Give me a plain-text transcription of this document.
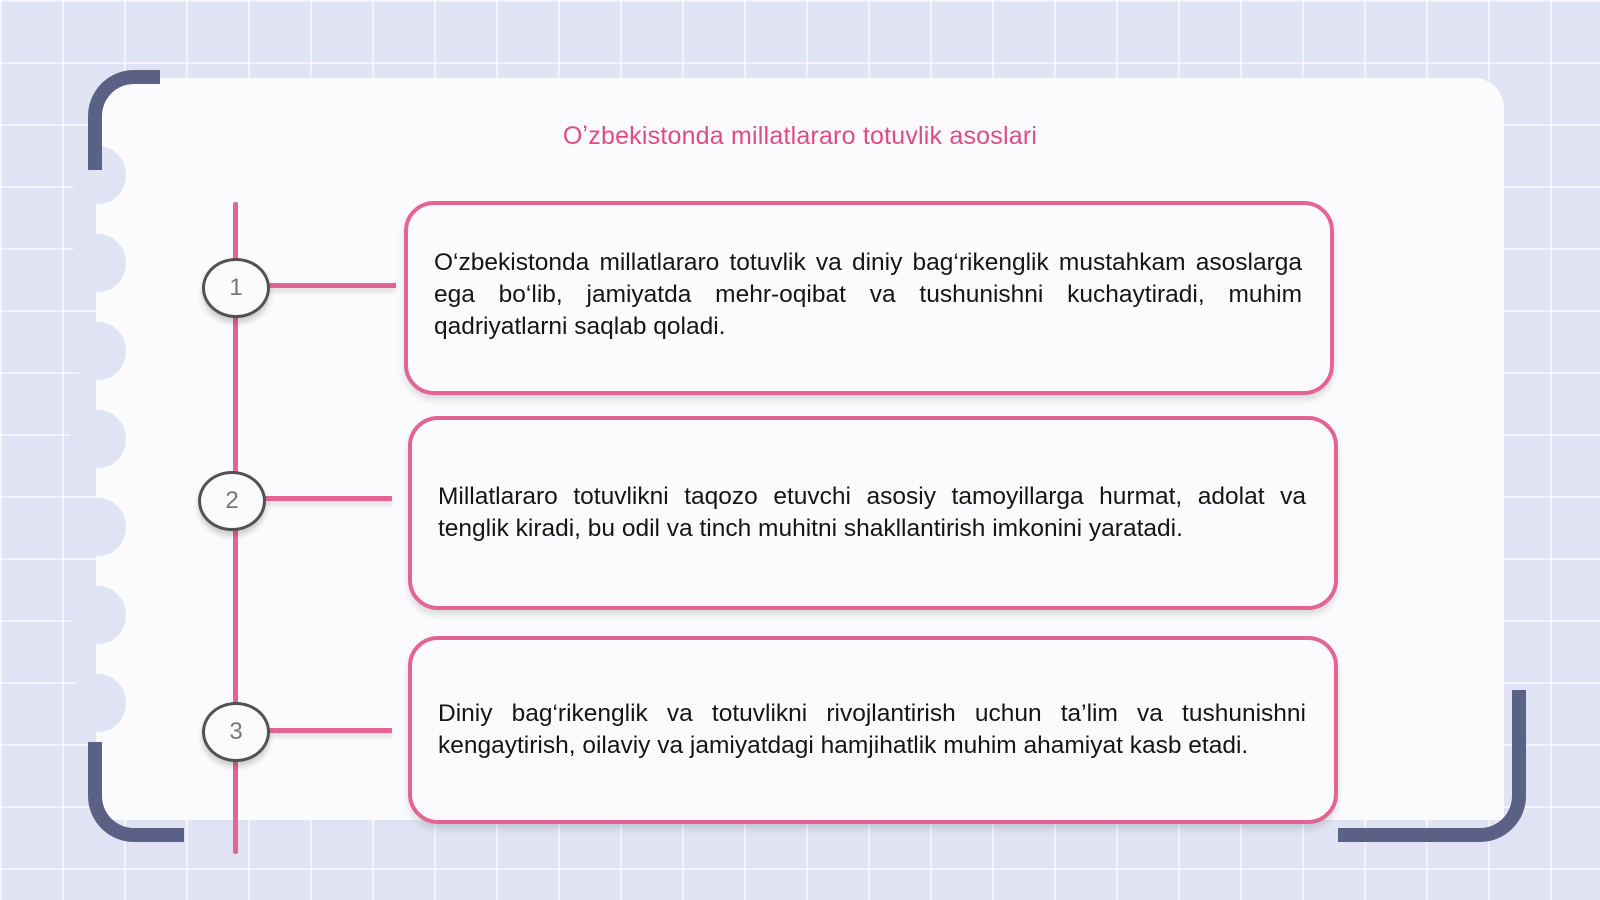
Oʼzbekistonda millatlararo totuvlik asoslari
1
2
3

O‘zbekistonda millatlararo totuvlik va diniy bag‘rikenglik mustahkam asoslarga ega bo‘lib, jamiyatda mehr-oqibat va tushunishni kuchaytiradi, muhim qadriyatlarni saqlab qoladi.

Millatlararo totuvlikni taqozo etuvchi asosiy tamoyillarga hurmat, adolat va tenglik kiradi, bu odil va tinch muhitni shakllantirish imkonini yaratadi.

Diniy bag‘rikenglik va totuvlikni rivojlantirish uchun ta’lim va tushunishni kengaytirish, oilaviy va jamiyatdagi hamjihatlik muhim ahamiyat kasb etadi.
